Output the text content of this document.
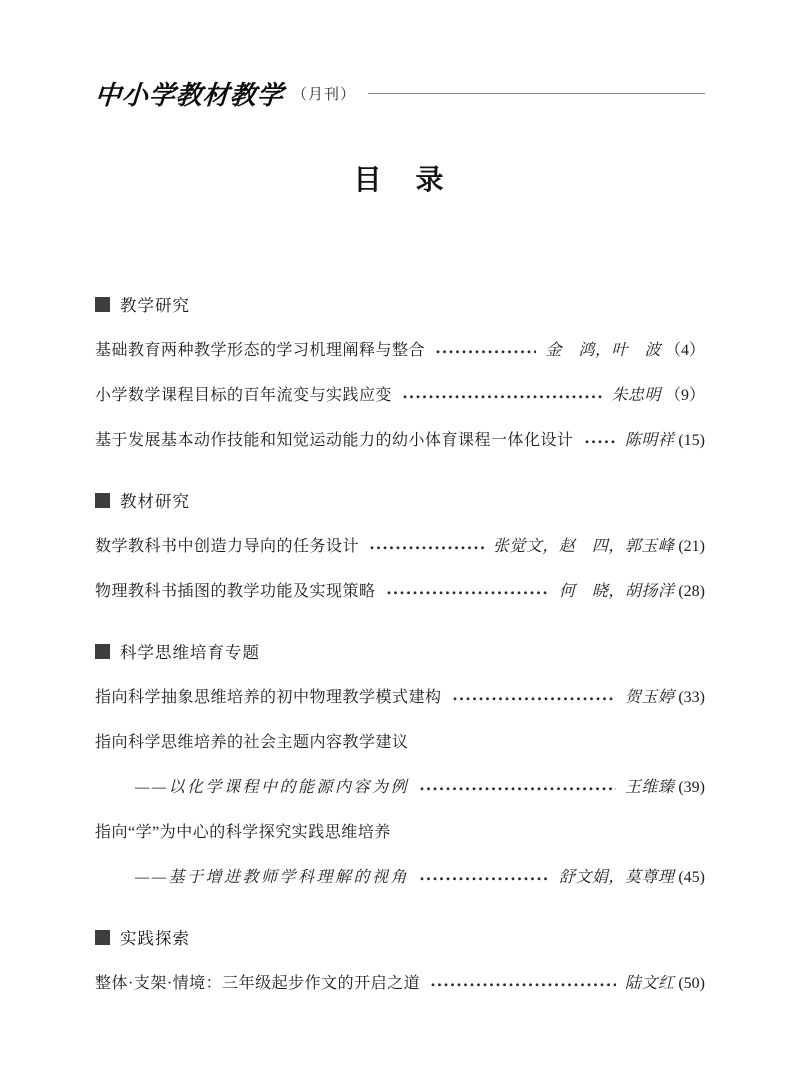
中小学教材教学 （月刊）
目　录
教学研究
基础教育两种教学形态的学习机理阐释与整合	金　鸿，叶　波 （4）
小学数学课程目标的百年流变与实践应变	朱忠明 （9）
基于发展基本动作技能和知觉运动能力的幼小体育课程一体化设计	陈明祥 (15)
教材研究
数学教科书中创造力导向的任务设计	张觉文，赵　四，郭玉峰 (21)
物理教科书插图的教学功能及实现策略	何　晓，胡扬洋 (28)
科学思维培育专题
指向科学抽象思维培养的初中物理教学模式建构	贺玉婷 (33)
指向科学思维培养的社会主题内容教学建议
——以化学课程中的能源内容为例	王维臻 (39)
指向“学”为中心的科学探究实践思维培养
——基于增进教师学科理解的视角	舒文娟，莫尊理 (45)
实践探索
整体·支架·情境：三年级起步作文的开启之道	陆文红 (50)
